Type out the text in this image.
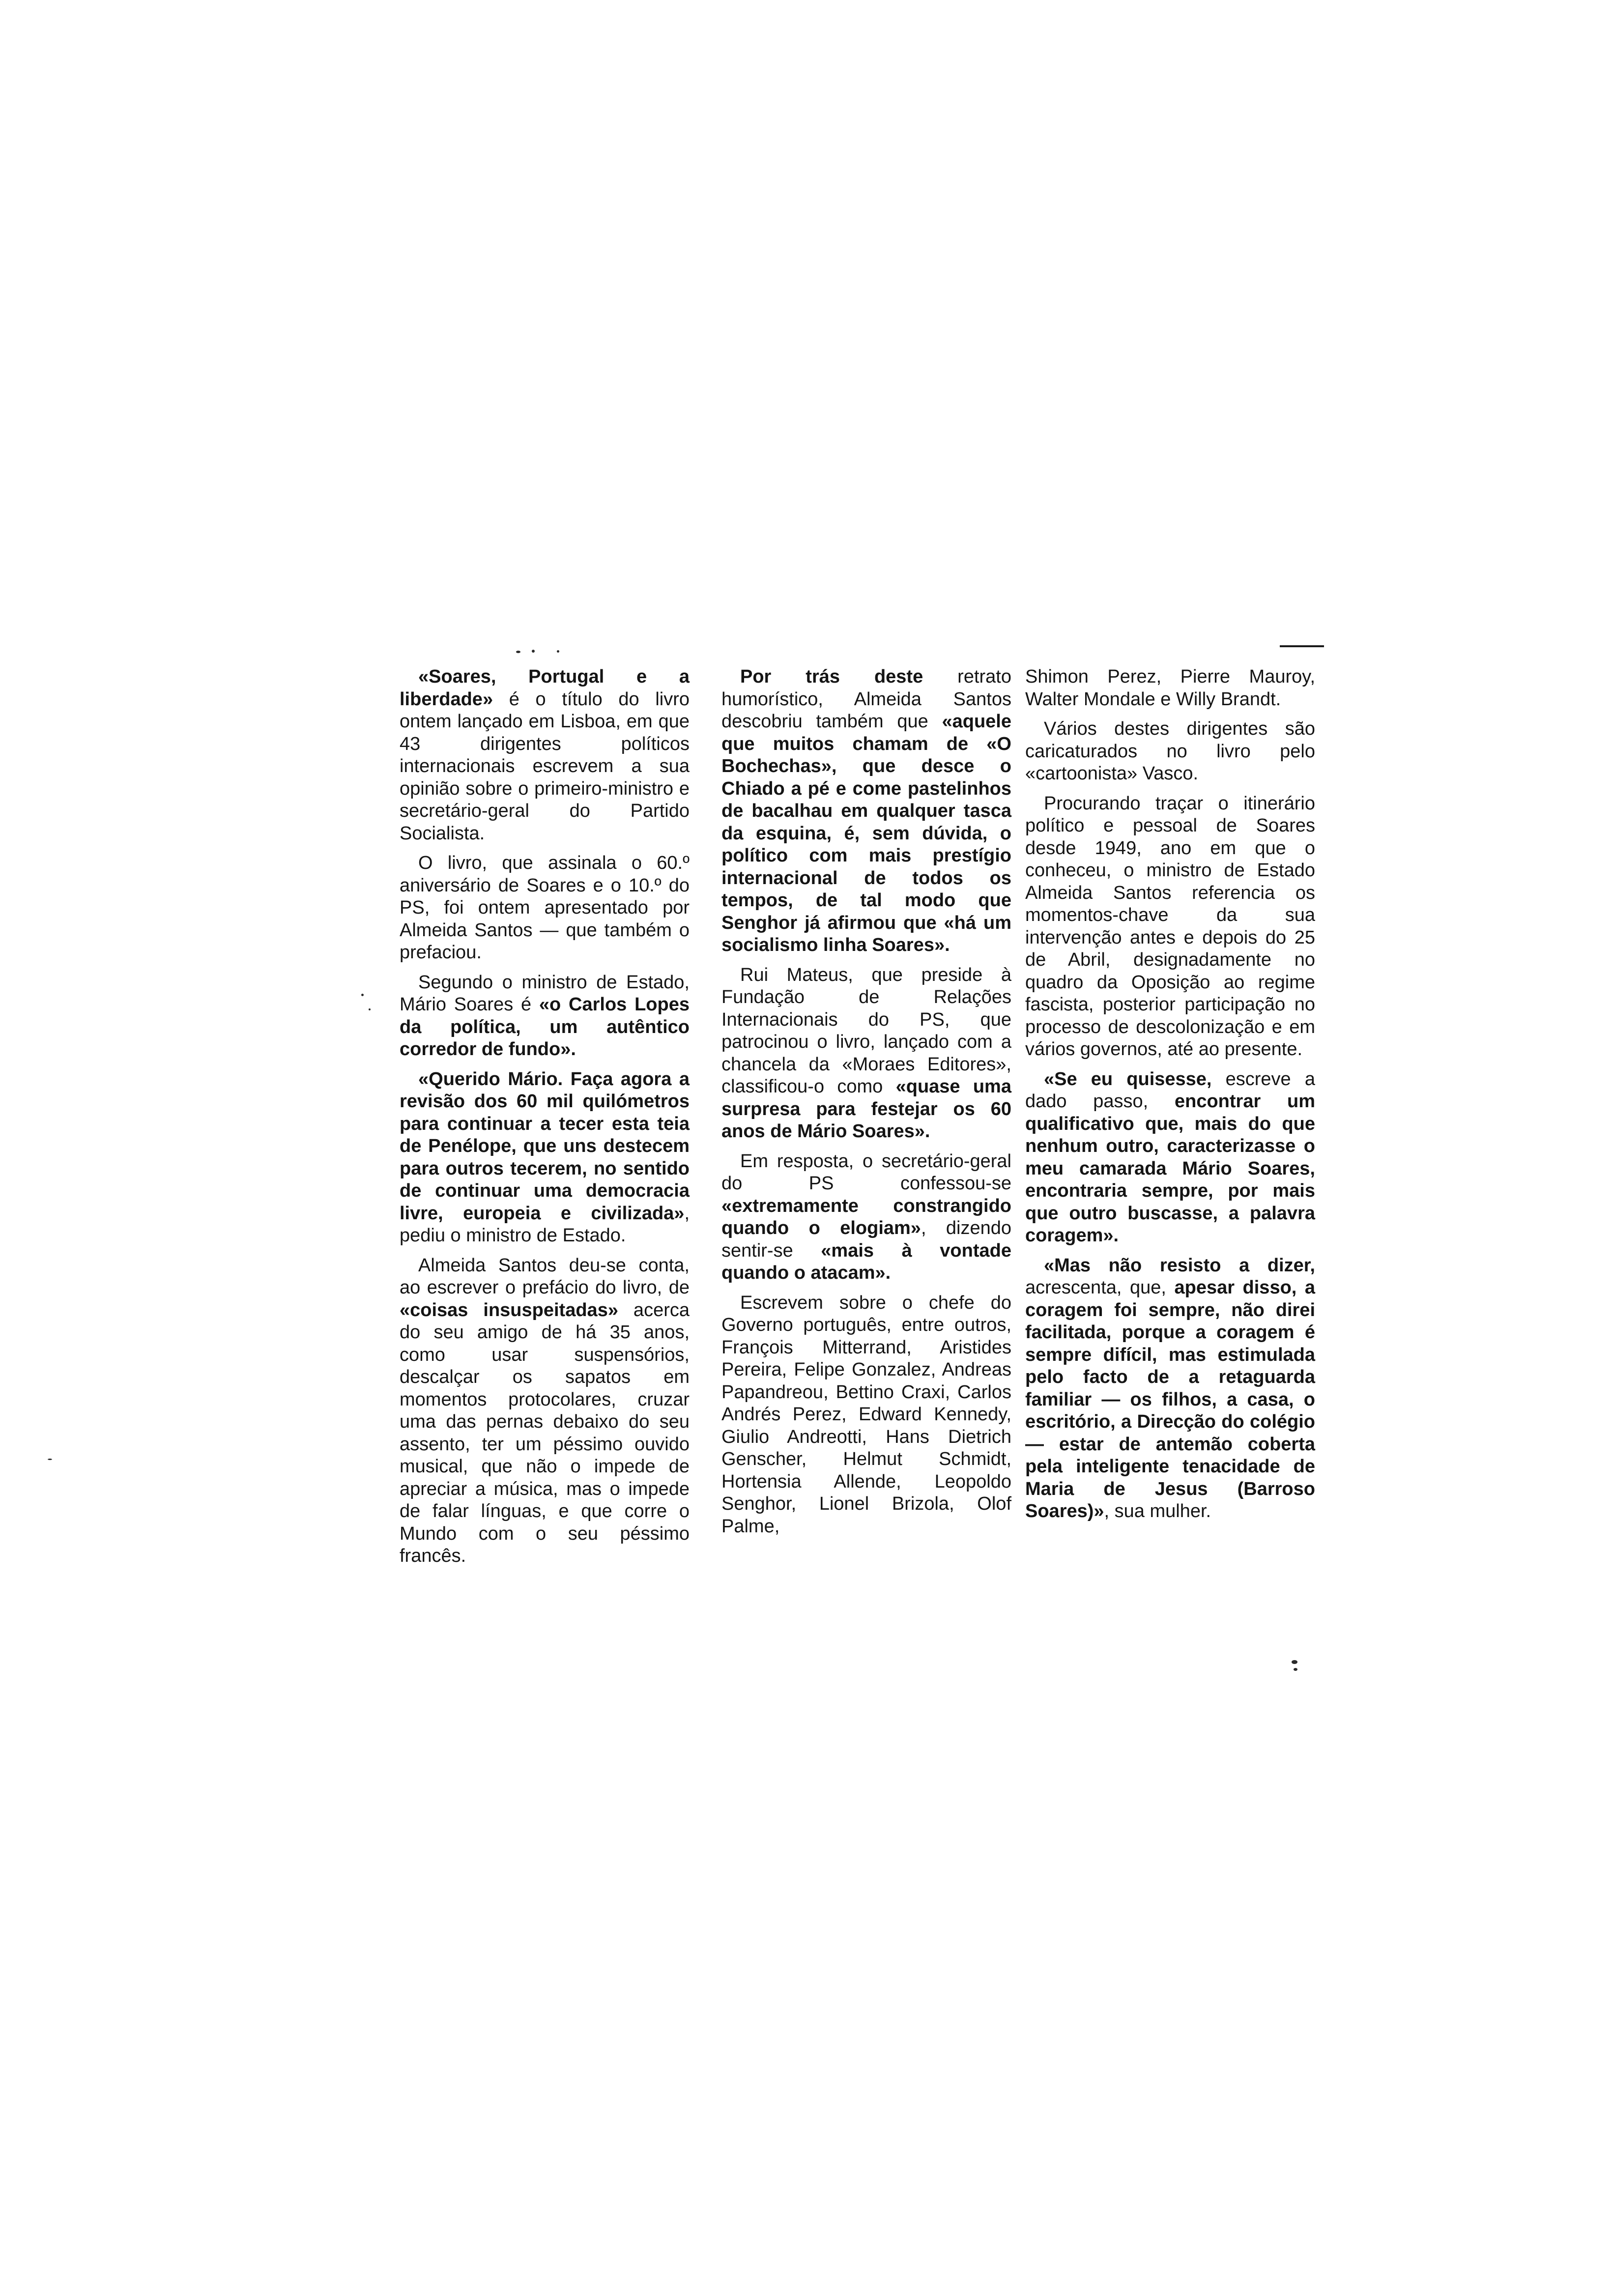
«Soares, Portugal e a liberdade» é o título do livro ontem lançado em Lisboa, em que 43 dirigentes políticos internacionais escrevem a sua opinião sobre o primeiro-ministro e secretário-geral do Partido Socialista.

O livro, que assinala o 60.º aniversário de Soares e o 10.º do PS, foi ontem apresentado por Almeida Santos — que também o prefaciou.

Segundo o ministro de Estado, Mário Soares é «o Carlos Lopes da política, um autêntico corredor de fundo».

«Querido Mário. Faça agora a revisão dos 60 mil quilómetros para continuar a tecer esta teia de Penélope, que uns destecem para outros tecerem, no sentido de continuar uma democracia livre, europeia e civilizada», pediu o ministro de Estado.

Almeida Santos deu-se conta, ao escrever o prefácio do livro, de «coisas insuspeitadas» acerca do seu amigo de há 35 anos, como usar suspensórios, descalçar os sapatos em momentos protocolares, cruzar uma das pernas debaixo do seu assento, ter um péssimo ouvido musical, que não o impede de apreciar a música, mas o impede de falar línguas, e que corre o Mundo com o seu péssimo francês.

Por trás deste retrato humorístico, Almeida Santos descobriu também que «aquele que muitos chamam de «O Bochechas», que desce o Chiado a pé e come pastelinhos de bacalhau em qualquer tasca da esquina, é, sem dúvida, o político com mais prestígio internacional de todos os tempos, de tal modo que Senghor já afirmou que «há um socialismo linha Soares».

Rui Mateus, que preside à Fundação de Relações Internacionais do PS, que patrocinou o livro, lançado com a chancela da «Moraes Editores», classificou-o como «quase uma surpresa para festejar os 60 anos de Mário Soares».

Em resposta, o secretário-geral do PS confessou-se «extremamente constrangido quando o elogiam», dizendo sentir-se «mais à vontade quando o atacam».

Escrevem sobre o chefe do Governo português, entre outros, François Mitterrand, Aristides Pereira, Felipe Gonzalez, Andreas Papandreou, Bettino Craxi, Carlos Andrés Perez, Edward Kennedy, Giulio Andreotti, Hans Dietrich Genscher, Helmut Schmidt, Hortensia Allende, Leopoldo Senghor, Lionel Brizola, Olof Palme,

Shimon Perez, Pierre Mauroy, Walter Mondale e Willy Brandt.

Vários destes dirigentes são caricaturados no livro pelo «cartoonista» Vasco.

Procurando traçar o itinerário político e pessoal de Soares desde 1949, ano em que o conheceu, o ministro de Estado Almeida Santos referencia os momentos-chave da sua intervenção antes e depois do 25 de Abril, designadamente no quadro da Oposição ao regime fascista, posterior participação no processo de descolonização e em vários governos, até ao presente.

«Se eu quisesse, escreve a dado passo, encontrar um qualificativo que, mais do que nenhum outro, caracterizasse o meu camarada Mário Soares, encontraria sempre, por mais que outro buscasse, a palavra coragem».

«Mas não resisto a dizer, acrescenta, que, apesar disso, a coragem foi sempre, não direi facilitada, porque a coragem é sempre difícil, mas estimulada pelo facto de a retaguarda familiar — os filhos, a casa, o escritório, a Direcção do colégio — estar de antemão coberta pela inteligente tenacidade de Maria de Jesus (Barroso Soares)», sua mulher.
